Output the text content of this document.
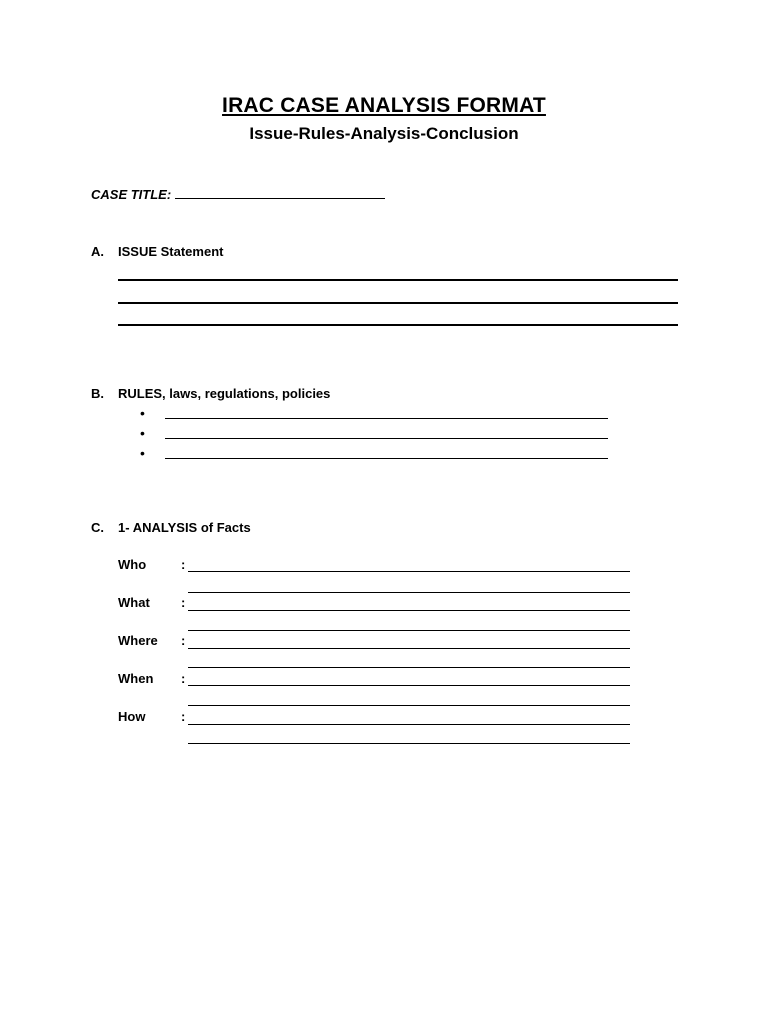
IRAC CASE ANALYSIS FORMAT
Issue-Rules-Analysis-Conclusion
CASE TITLE:
A. ISSUE Statement
B. RULES, laws, regulations, policies
•
•
•
C. 1- ANALYSIS of Facts
Who	:
What :
Where :
When :
How	:
